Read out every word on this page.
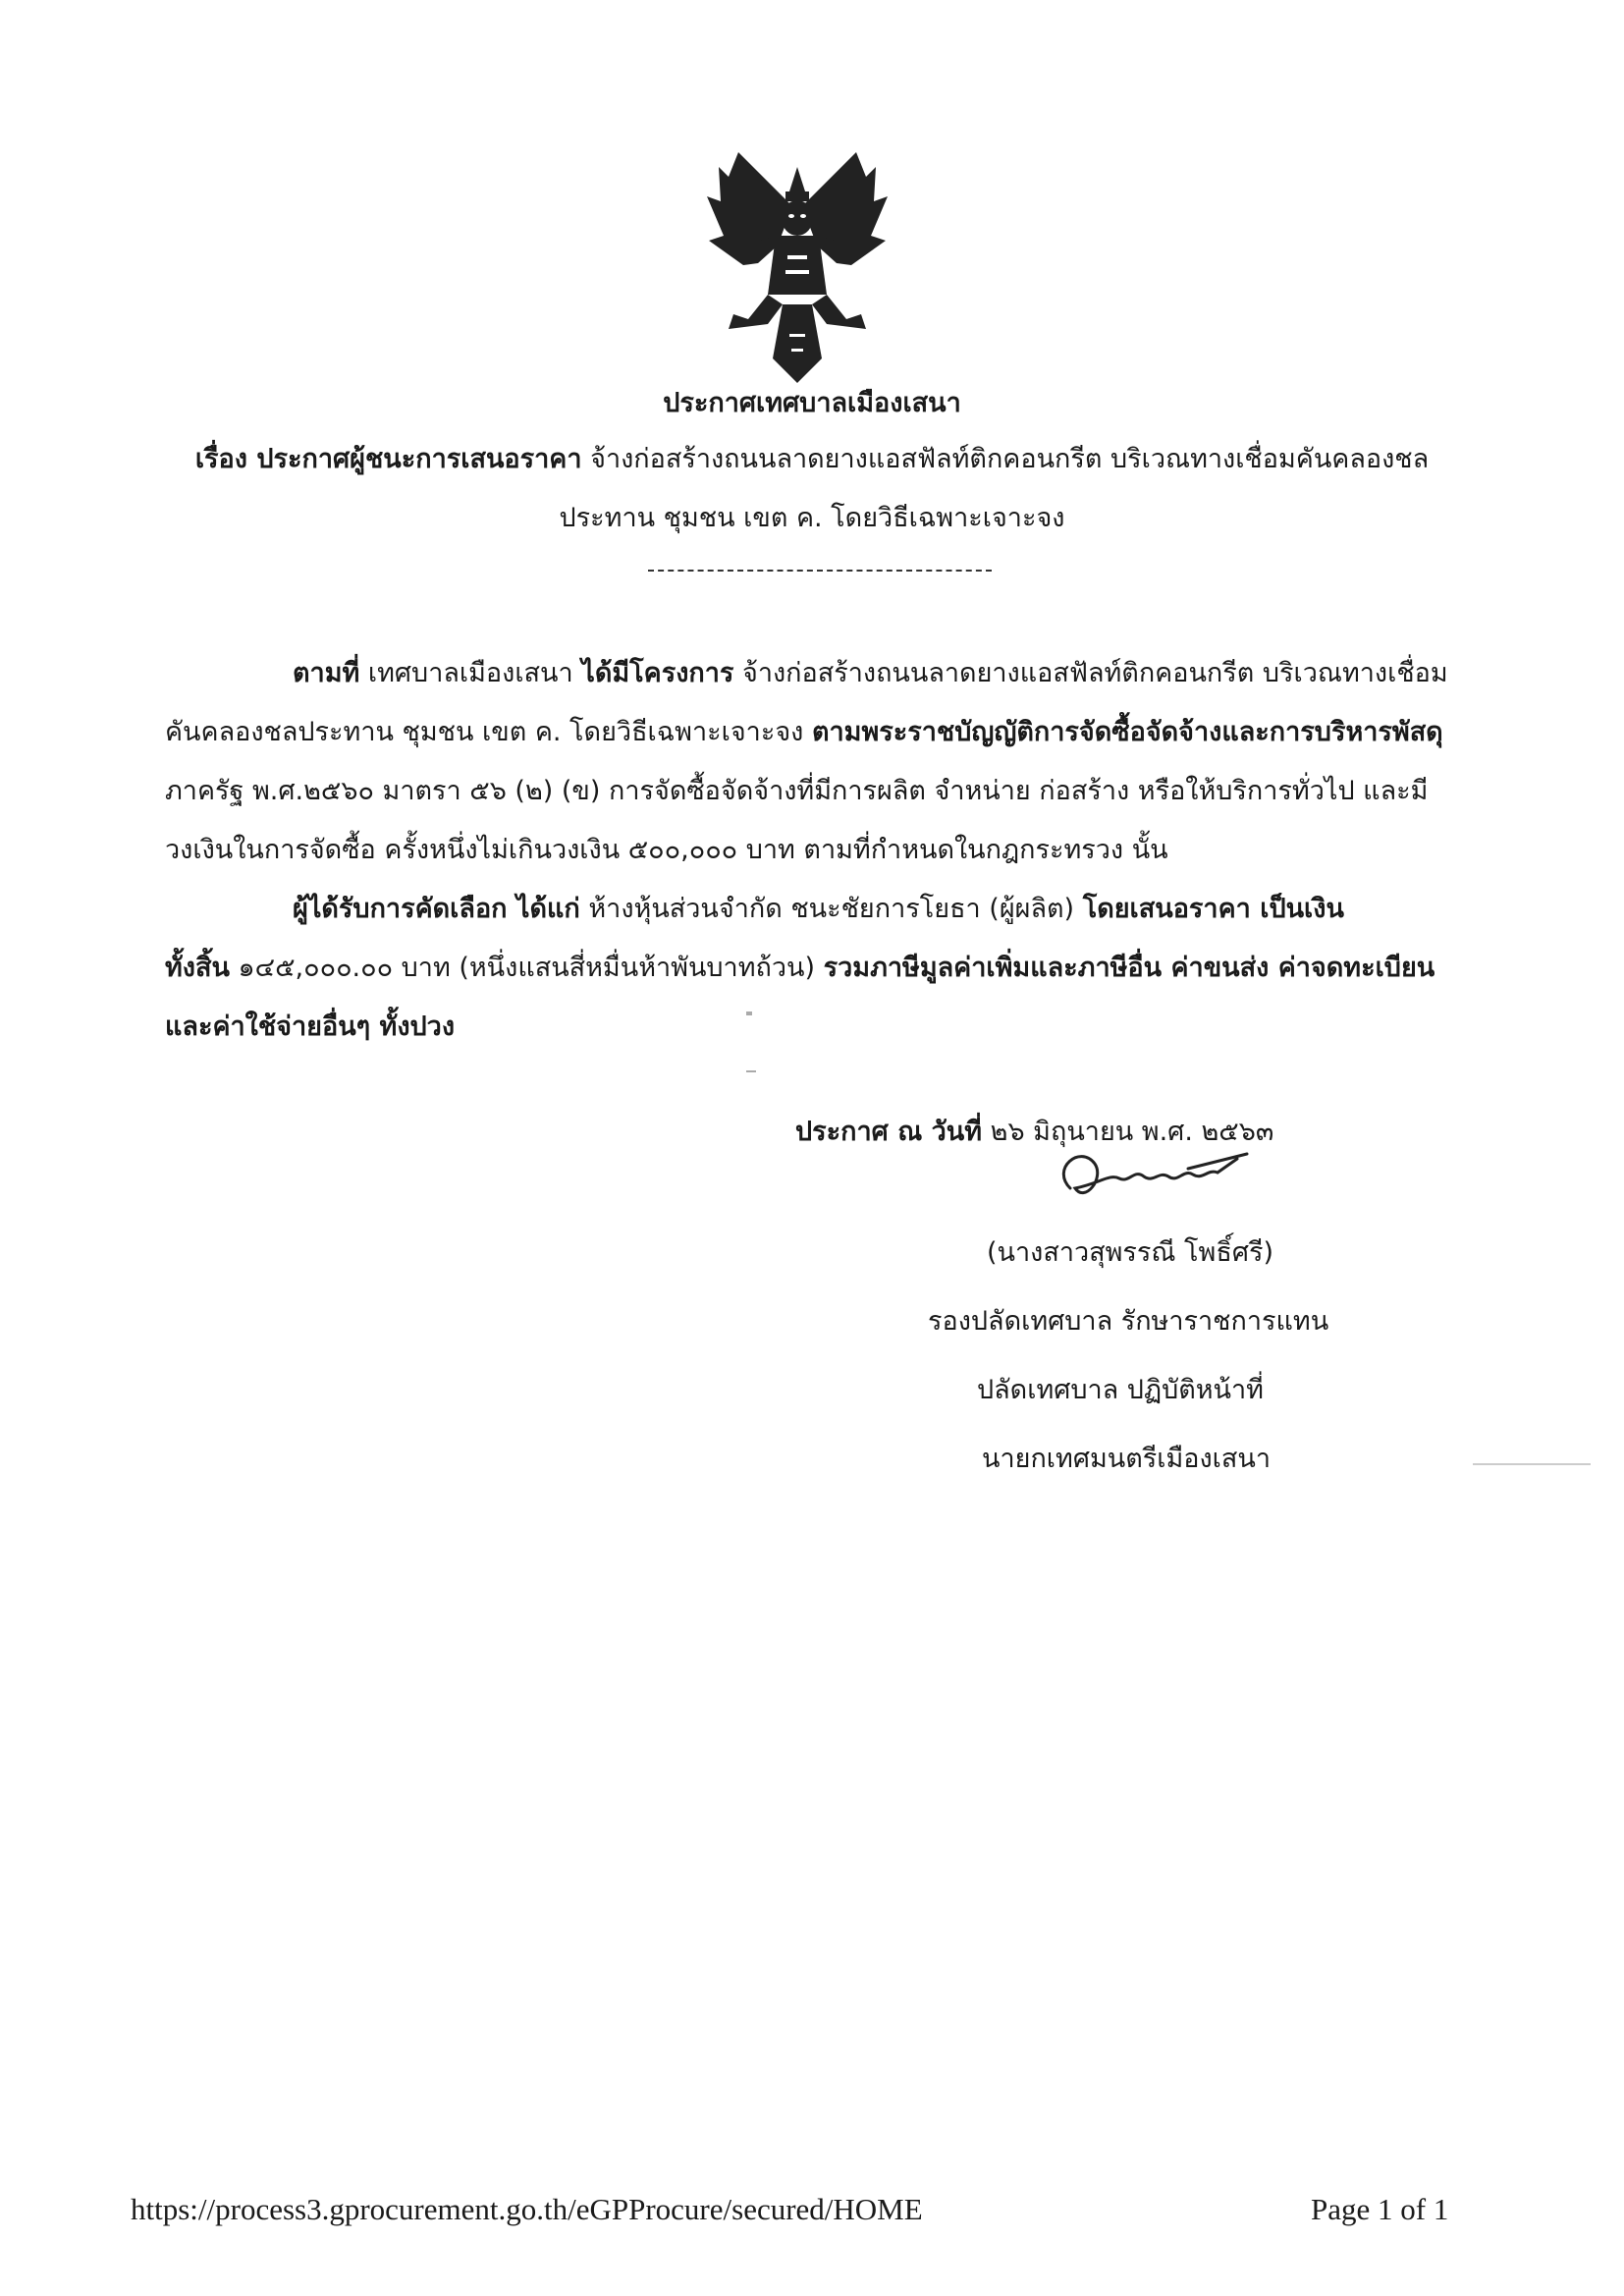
ประกาศเทศบาลเมืองเสนา
เรื่อง ประกาศผู้ชนะการเสนอราคา จ้างก่อสร้างถนนลาดยางแอสฟัลท์ติกคอนกรีต บริเวณทางเชื่อมคันคลองชล
ประทาน ชุมชน เขต ค. โดยวิธีเฉพาะเจาะจง
ตามที่ เทศบาลเมืองเสนา ได้มีโครงการ จ้างก่อสร้างถนนลาดยางแอสฟัลท์ติกคอนกรีต บริเวณทางเชื่อม
คันคลองชลประทาน ชุมชน เขต ค. โดยวิธีเฉพาะเจาะจง ตามพระราชบัญญัติการจัดซื้อจัดจ้างและการบริหารพัสดุ
ภาครัฐ พ.ศ.๒๕๖๐ มาตรา ๕๖ (๒) (ข) การจัดซื้อจัดจ้างที่มีการผลิต จำหน่าย ก่อสร้าง หรือให้บริการทั่วไป และมี
วงเงินในการจัดซื้อ ครั้งหนึ่งไม่เกินวงเงิน ๕๐๐,๐๐๐ บาท ตามที่กำหนดในกฎกระทรวง นั้น
ผู้ได้รับการคัดเลือก ได้แก่ ห้างหุ้นส่วนจำกัด ชนะชัยการโยธา (ผู้ผลิต) โดยเสนอราคา เป็นเงิน
ทั้งสิ้น ๑๔๕,๐๐๐.๐๐ บาท (หนึ่งแสนสี่หมื่นห้าพันบาทถ้วน) รวมภาษีมูลค่าเพิ่มและภาษีอื่น ค่าขนส่ง ค่าจดทะเบียน
และค่าใช้จ่ายอื่นๆ ทั้งปวง
ประกาศ ณ วันที่ ๒๖ มิถุนายน พ.ศ. ๒๕๖๓
(นางสาวสุพรรณี โพธิ์ศรี)
รองปลัดเทศบาล รักษาราชการแทน
ปลัดเทศบาล ปฏิบัติหน้าที่
นายกเทศมนตรีเมืองเสนา
https://process3.gprocurement.go.th/eGPProcure/secured/HOME	Page 1 of 1
